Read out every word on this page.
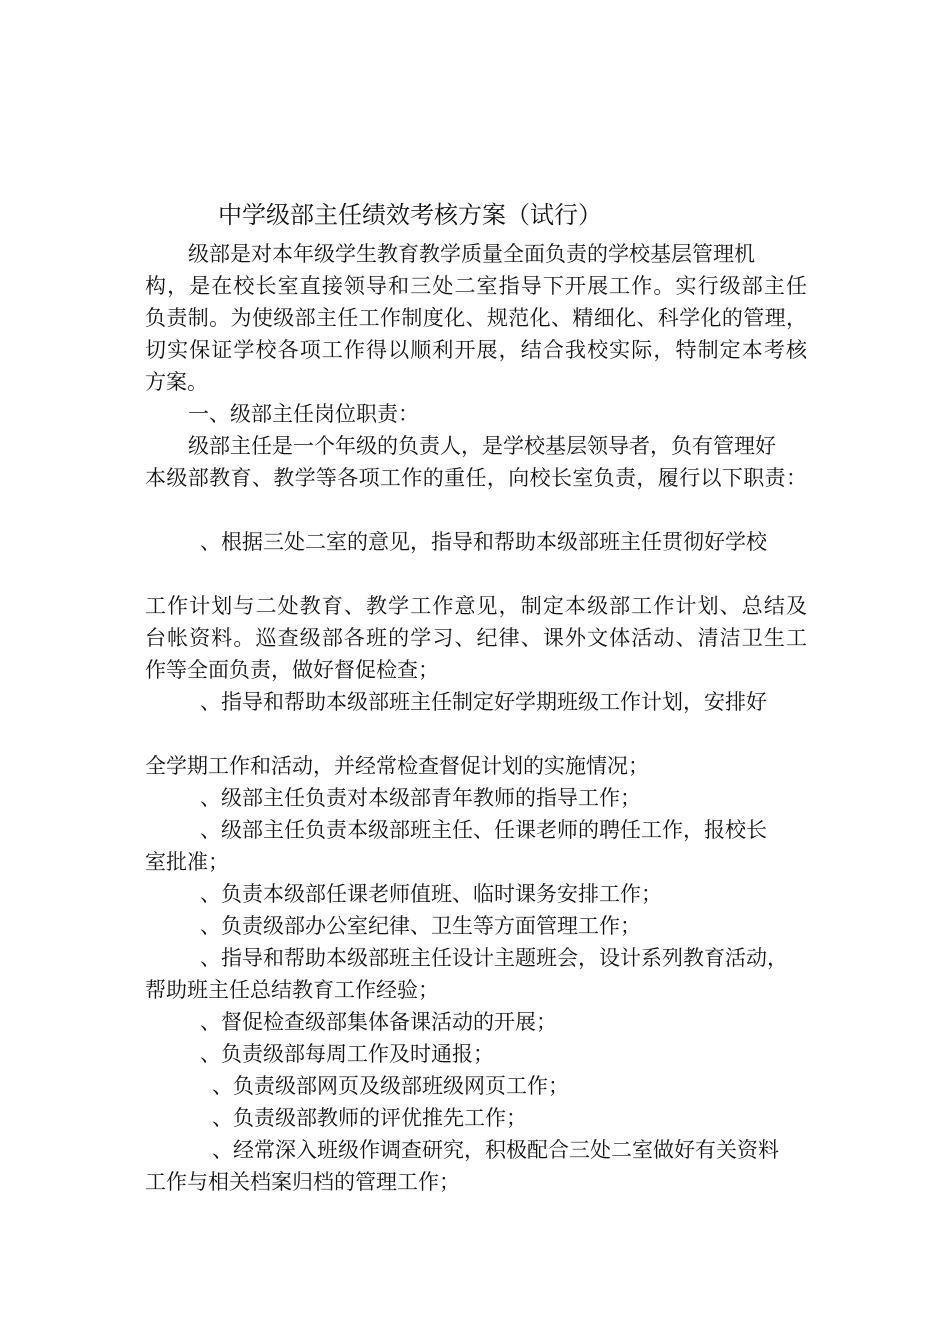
中学级部主任绩效考核方案（试行）
级部是对本年级学生教育教学质量全面负责的学校基层管理机
构，是在校长室直接领导和三处二室指导下开展工作。实行级部主任
负责制。为使级部主任工作制度化、规范化、精细化、科学化的管理，
切实保证学校各项工作得以顺利开展，结合我校实际，特制定本考核
方案。
一、级部主任岗位职责：
级部主任是一个年级的负责人，是学校基层领导者，负有管理好
本级部教育、教学等各项工作的重任，向校长室负责，履行以下职责：
、根据三处二室的意见，指导和帮助本级部班主任贯彻好学校
工作计划与二处教育、教学工作意见，制定本级部工作计划、总结及
台帐资料。巡查级部各班的学习、纪律、课外文体活动、清洁卫生工
作等全面负责，做好督促检查；
、指导和帮助本级部班主任制定好学期班级工作计划，安排好
全学期工作和活动，并经常检查督促计划的实施情况；
、级部主任负责对本级部青年教师的指导工作；
、级部主任负责本级部班主任、任课老师的聘任工作，报校长
室批准；
、负责本级部任课老师值班、临时课务安排工作；
、负责级部办公室纪律、卫生等方面管理工作；
、指导和帮助本级部班主任设计主题班会，设计系列教育活动，
帮助班主任总结教育工作经验；
、督促检查级部集体备课活动的开展；
、负责级部每周工作及时通报；
、负责级部网页及级部班级网页工作；
、负责级部教师的评优推先工作；
、经常深入班级作调查研究，积极配合三处二室做好有关资料
工作与相关档案归档的管理工作；
